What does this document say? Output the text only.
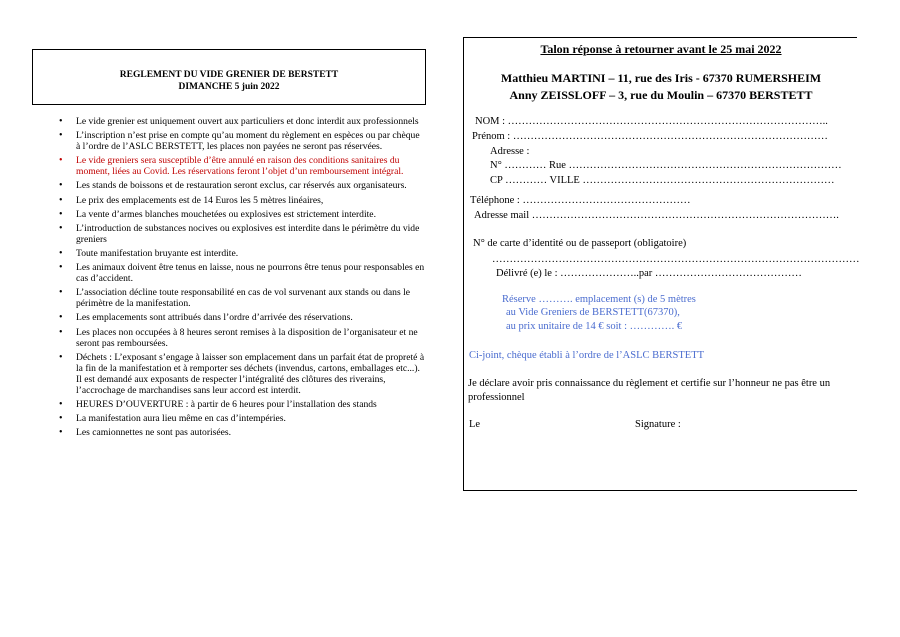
REGLEMENT DU VIDE GRENIER DE BERSTETT
DIMANCHE 5 juin 2022
• Le vide grenier est uniquement ouvert aux particuliers et donc interdit aux professionnels
• L’inscription n’est prise en compte qu’au moment du règlement en espèces ou par chèque à l’ordre de l’ASLC BERSTETT, les places non payées ne seront pas réservées.
• Le vide greniers sera susceptible d’être annulé en raison des conditions sanitaires du moment, liées au Covid. Les réservations feront l’objet d’un remboursement intégral.
• Les stands de boissons et de restauration seront exclus, car réservés aux organisateurs.
• Le prix des emplacements est de 14 Euros les 5 mètres linéaires,
• La vente d’armes blanches mouchetées ou explosives est strictement interdite.
• L’introduction de substances nocives ou explosives est interdite dans le périmètre du vide greniers
• Toute manifestation bruyante est interdite.
• Les animaux doivent être tenus en laisse, nous ne pourrons être tenus pour responsables en cas d’accident.
• L’association décline toute responsabilité en cas de vol survenant aux stands ou dans le périmètre de la manifestation.
• Les emplacements sont attribués dans l’ordre d’arrivée des réservations.
• Les places non occupées à 8 heures seront remises à la disposition de l’organisateur et ne seront pas remboursées.
• Déchets : L’exposant s’engage à laisser son emplacement dans un parfait état de propreté à la fin de la manifestation et à remporter ses déchets (invendus, cartons, emballages etc...). Il est demandé aux exposants de respecter l’intégralité des clôtures des riverains, l’accrochage de marchandises sans leur accord est interdit.
• HEURES D’OUVERTURE : à partir de 6 heures pour l’installation des stands
• La manifestation aura lieu même en cas d’intempéries.
• Les camionnettes ne sont pas autorisées.
Talon réponse à retourner avant le 25 mai 2022
Matthieu MARTINI – 11, rue des Iris - 67370 RUMERSHEIM
Anny ZEISSLOFF – 3, rue du Moulin – 67370 BERSTETT
NOM : ………………………………………………………………………………..
Prénom : ………………………………………………………………………………
Adresse :
N° ………… Rue ……………………………………………………………………
CP ………… VILLE ………………………………………………………………
Téléphone : …………………………………………
Adresse mail …………………………………………………………………………….
N° de carte d’identité ou de passeport (obligatoire)
……………………………………………………………………………………………
Délivré (e) le : …………………..par ……………………………………
Réserve ………. emplacement (s) de 5 mètres
au Vide Greniers de BERSTETT(67370),
au prix unitaire de 14 € soit : …………. €
Ci-joint, chèque établi à l’ordre de l’ASLC BERSTETT
Je déclare avoir pris connaissance du règlement et certifie sur l’honneur ne pas être un professionnel
Le	Signature :
